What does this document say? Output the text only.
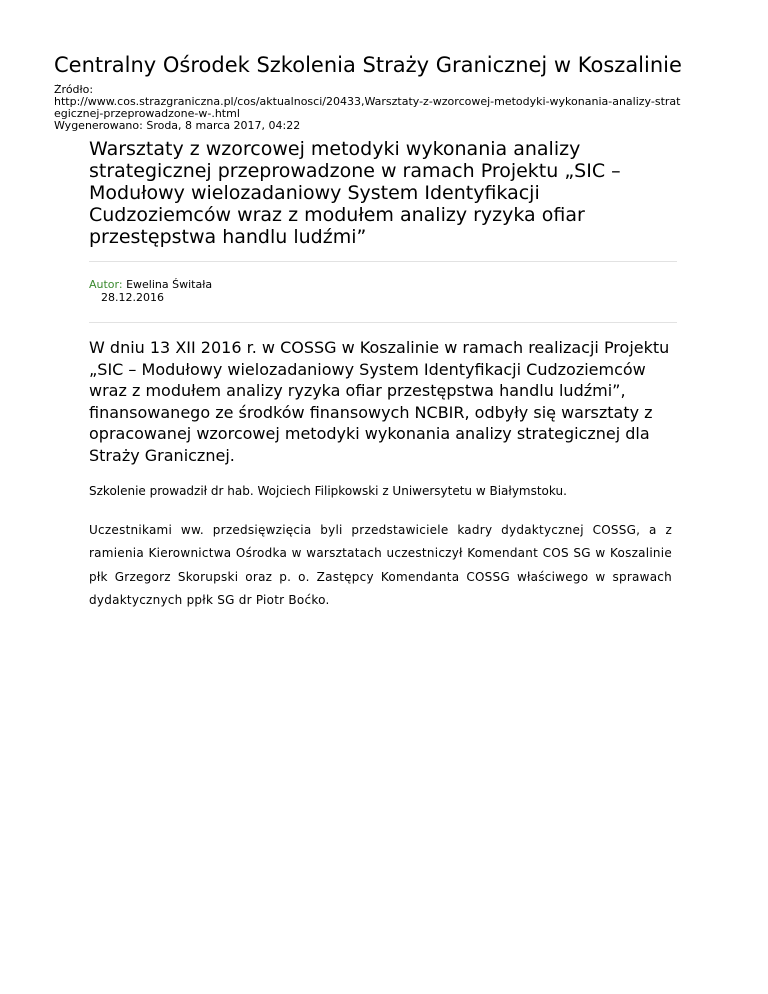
Centralny Ośrodek Szkolenia Straży Granicznej w Koszalinie
Źródło:
http://www.cos.strazgraniczna.pl/cos/aktualnosci/20433,Warsztaty-z-wzorcowej-metodyki-wykonania-analizy-strat
egicznej-przeprowadzone-w-.html
Wygenerowano: Środa, 8 marca 2017, 04:22
Warsztaty z wzorcowej metodyki wykonania analizy strategicznej przeprowadzone w ramach Projektu „SIC – Modułowy wielozadaniowy System Identyfikacji Cudzoziemców wraz z modułem analizy ryzyka ofiar przestępstwa handlu ludźmi”
Autor: Ewelina Świtała
28.12.2016
W dniu 13 XII 2016 r. w COSSG w Koszalinie w ramach realizacji Projektu „SIC – Modułowy wielozadaniowy System Identyfikacji Cudzoziemców wraz z modułem analizy ryzyka ofiar przestępstwa handlu ludźmi”, finansowanego ze środków finansowych NCBIR, odbyły się warsztaty z opracowanej wzorcowej metodyki wykonania analizy strategicznej dla Straży Granicznej.

Szkolenie prowadził dr hab. Wojciech Filipkowski z Uniwersytetu w Białymstoku.

Uczestnikami ww. przedsięwzięcia byli przedstawiciele kadry dydaktycznej COSSG, a z ramienia Kierownictwa Ośrodka w warsztatach uczestniczył Komendant COS SG w Koszalinie płk Grzegorz Skorupski oraz p. o. Zastępcy Komendanta COSSG właściwego w sprawach dydaktycznych ppłk SG dr Piotr Boćko.
